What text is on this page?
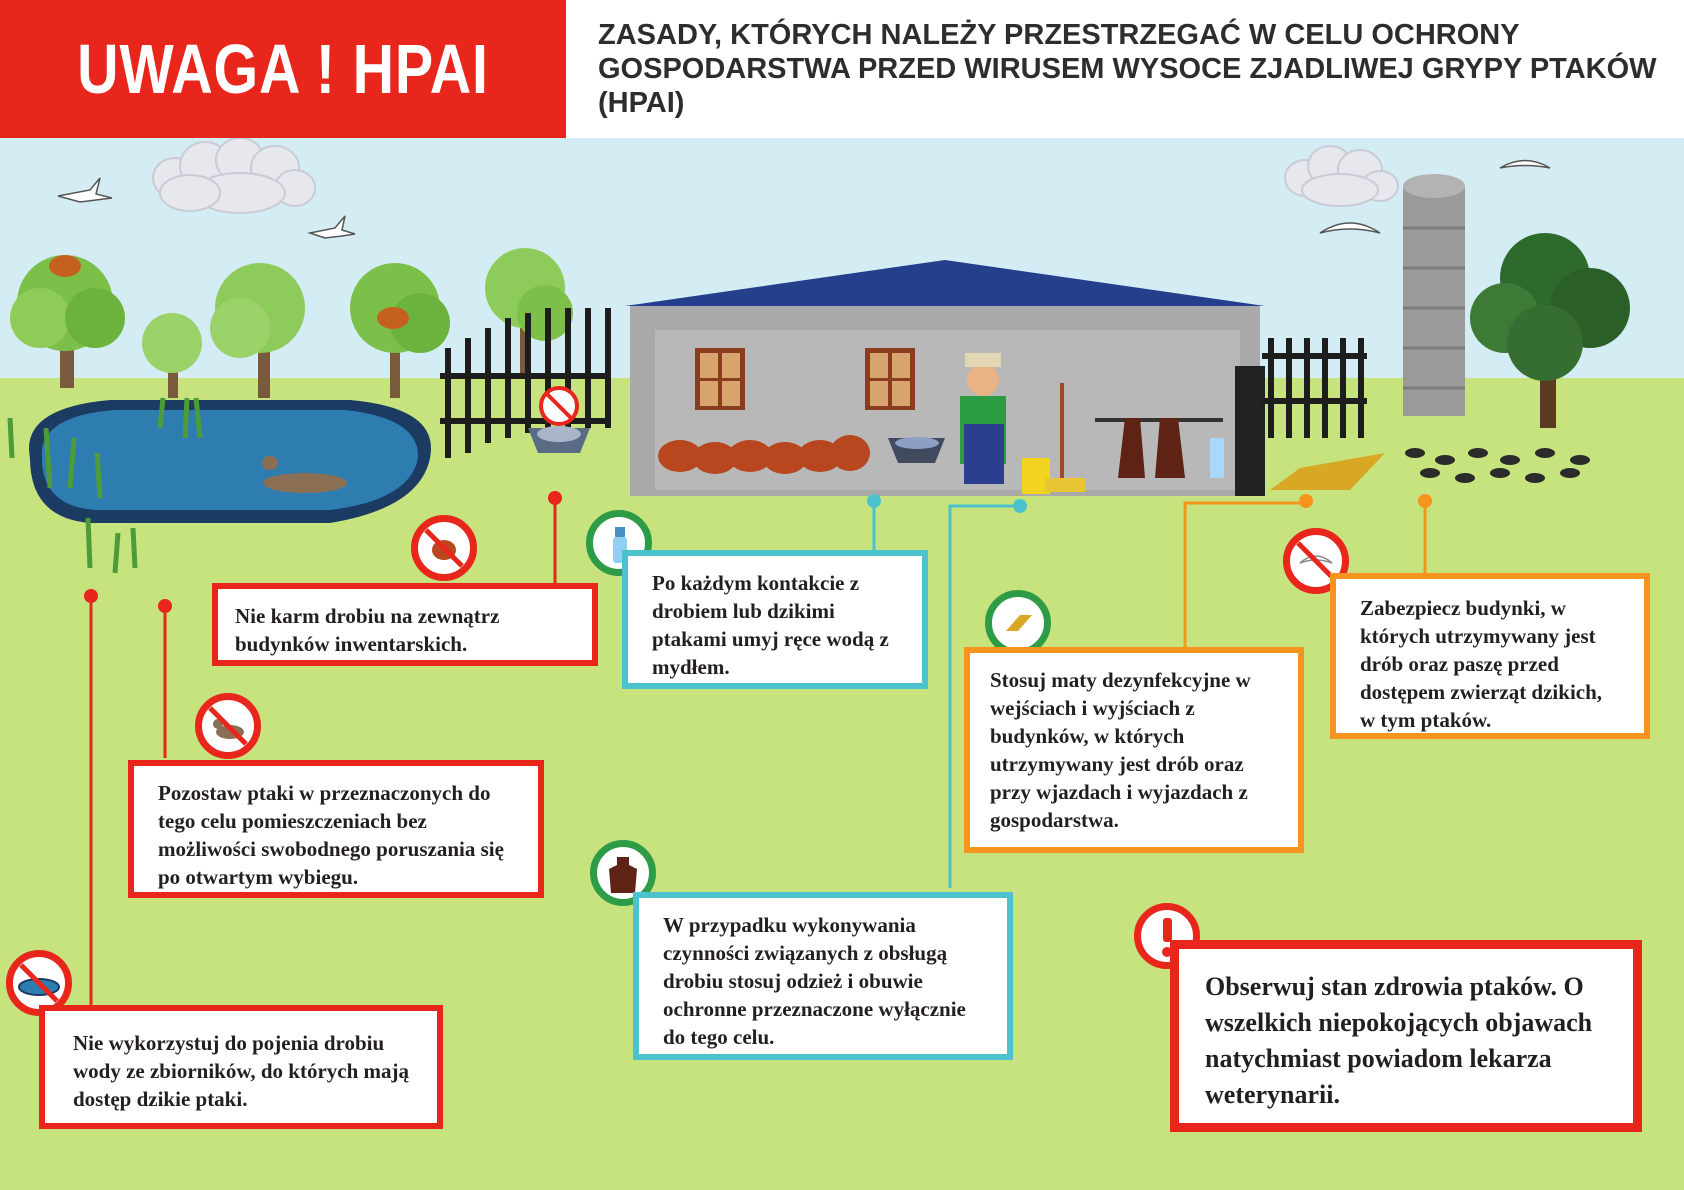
UWAGA ! HPAI	ZASADY, KTÓRYCH NALEŻY PRZESTRZEGAĆ W CELU OCHRONY GOSPODARSTWA PRZED WIRUSEM WYSOCE ZJADLIWEJ GRYPY PTAKÓW (HPAI)
Nie karm drobiu na zewnątrz budynków inwentarskich.
Pozostaw ptaki w przeznaczonych do tego celu pomieszczeniach bez możliwości swobodnego poruszania się po otwartym wybiegu.
Nie wykorzystuj do pojenia drobiu wody ze zbiorników, do których mają dostęp dzikie ptaki.
Po każdym kontakcie z drobiem lub dzikimi ptakami umyj ręce wodą z mydłem.
W przypadku wykonywania czynności związanych z obsługą drobiu stosuj odzież i obuwie ochronne przeznaczone wyłącznie do tego celu.
Stosuj maty dezynfekcyjne w wejściach i wyjściach z budynków, w których utrzymywany jest drób oraz przy wjazdach i wyjazdach z gospodarstwa.
Zabezpiecz budynki, w których utrzymywany jest drób oraz paszę przed dostępem zwierząt dzikich, w tym ptaków.
Obserwuj stan zdrowia ptaków. O wszelkich niepokojących objawach natychmiast powiadom lekarza weterynarii.
